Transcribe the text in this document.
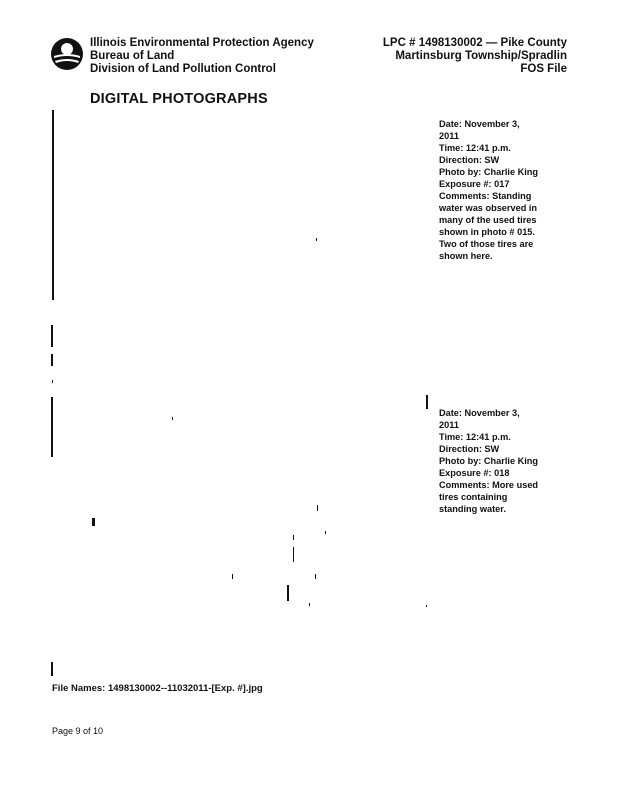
Illinois Environmental Protection Agency
Bureau of Land
Division of Land Pollution Control
LPC # 1498130002 — Pike County
Martinsburg Township/Spradlin
FOS File
DIGITAL PHOTOGRAPHS
Date: November 3,
2011
Time: 12:41 p.m.
Direction: SW
Photo by: Charlie King
Exposure #: 017
Comments: Standing
water was observed in
many of the used tires
shown in photo # 015.
Two of those tires are
shown here.
Date: November 3,
2011
Time: 12:41 p.m.
Direction: SW
Photo by: Charlie King
Exposure #: 018
Comments: More used
tires containing
standing water.
File Names: 1498130002--11032011-[Exp. #].jpg
Page 9 of 10
